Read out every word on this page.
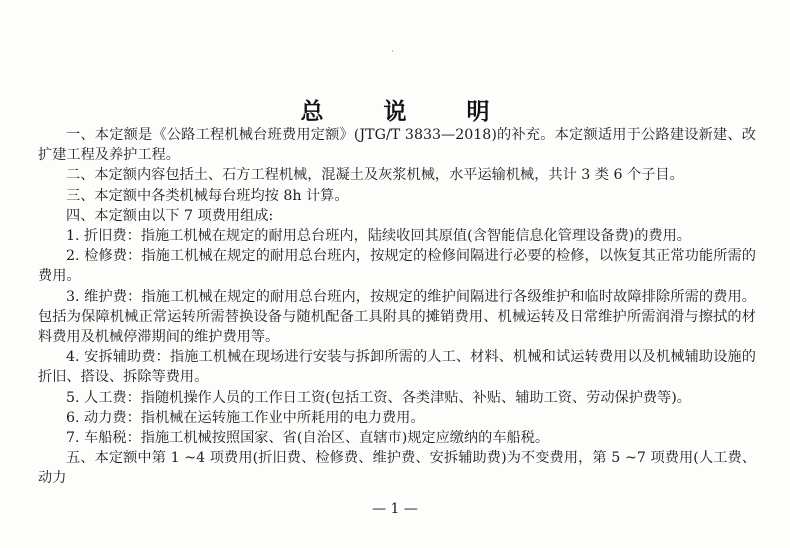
总 说 明

一、本定额是《公路工程机械台班费用定额》(JTG/T 3833—2018)的补充。本定额适用于公路建设新建、改扩建工程及养护工程。

二、本定额内容包括土、石方工程机械，混凝土及灰浆机械，水平运输机械，共计 3 类 6 个子目。

三、本定额中各类机械每台班均按 8h 计算。

四、本定额由以下 7 项费用组成:

1. 折旧费：指施工机械在规定的耐用总台班内，陆续收回其原值(含智能信息化管理设备费)的费用。

2. 检修费：指施工机械在规定的耐用总台班内，按规定的检修间隔进行必要的检修，以恢复其正常功能所需的费用。

3. 维护费：指施工机械在规定的耐用总台班内，按规定的维护间隔进行各级维护和临时故障排除所需的费用。包括为保障机械正常运转所需替换设备与随机配备工具附具的摊销费用、机械运转及日常维护所需润滑与擦拭的材料费用及机械停滞期间的维护费用等。

4. 安拆辅助费：指施工机械在现场进行安装与拆卸所需的人工、材料、机械和试运转费用以及机械辅助设施的折旧、搭设、拆除等费用。

5. 人工费：指随机操作人员的工作日工资(包括工资、各类津贴、补贴、辅助工资、劳动保护费等)。

6. 动力费：指机械在运转施工作业中所耗用的电力费用。

7. 车船税：指施工机械按照国家、省(自治区、直辖市)规定应缴纳的车船税。

五、本定额中第 1 ~4 项费用(折旧费、检修费、维护费、安拆辅助费)为不变费用，第 5 ~7 项费用(人工费、动力

— 1 —
